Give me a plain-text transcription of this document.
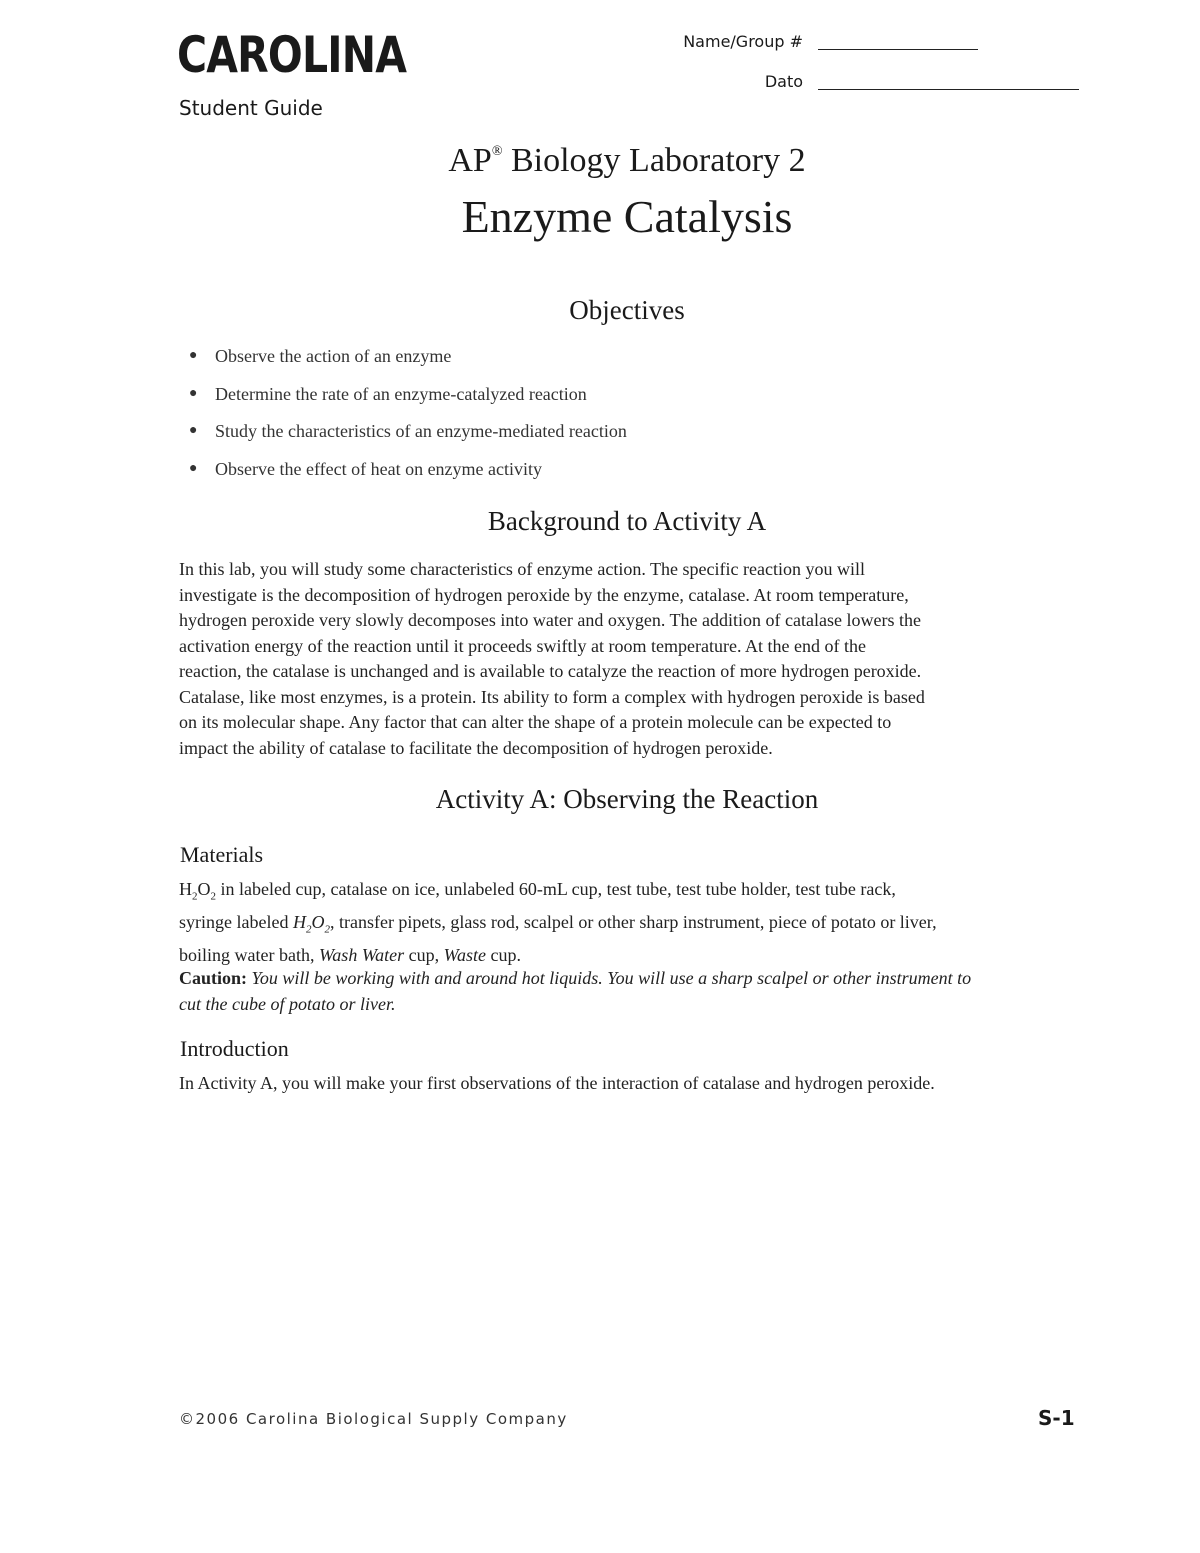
CAROLINA
Student Guide
Name/Group #
Dato
AP® Biology Laboratory 2
Enzyme Catalysis
Objectives
● Observe the action of an enzyme
● Determine the rate of an enzyme-catalyzed reaction
● Study the characteristics of an enzyme-mediated reaction
● Observe the effect of heat on enzyme activity
Background to Activity A
In this lab, you will study some characteristics of enzyme action. The specific reaction you will
investigate is the decomposition of hydrogen peroxide by the enzyme, catalase. At room temperature,
hydrogen peroxide very slowly decomposes into water and oxygen. The addition of catalase lowers the
activation energy of the reaction until it proceeds swiftly at room temperature. At the end of the
reaction, the catalase is unchanged and is available to catalyze the reaction of more hydrogen peroxide.
Catalase, like most enzymes, is a protein. Its ability to form a complex with hydrogen peroxide is based
on its molecular shape. Any factor that can alter the shape of a protein molecule can be expected to
impact the ability of catalase to facilitate the decomposition of hydrogen peroxide.
Activity A: Observing the Reaction
Materials
$H_2O_2$ in labeled cup, catalase on ice, unlabeled 60-mL cup, test tube, test tube holder, test tube rack,
syringe labeled $H_2O_2$, transfer pipets, glass rod, scalpel or other sharp instrument, piece of potato or liver,
boiling water bath, Wash Water cup, Waste cup.
Caution: You will be working with and around hot liquids. You will use a sharp scalpel or other instrument to
cut the cube of potato or liver.
Introduction
In Activity A, you will make your first observations of the interaction of catalase and hydrogen peroxide.
©2006 Carolina Biological Supply Company	S-1
